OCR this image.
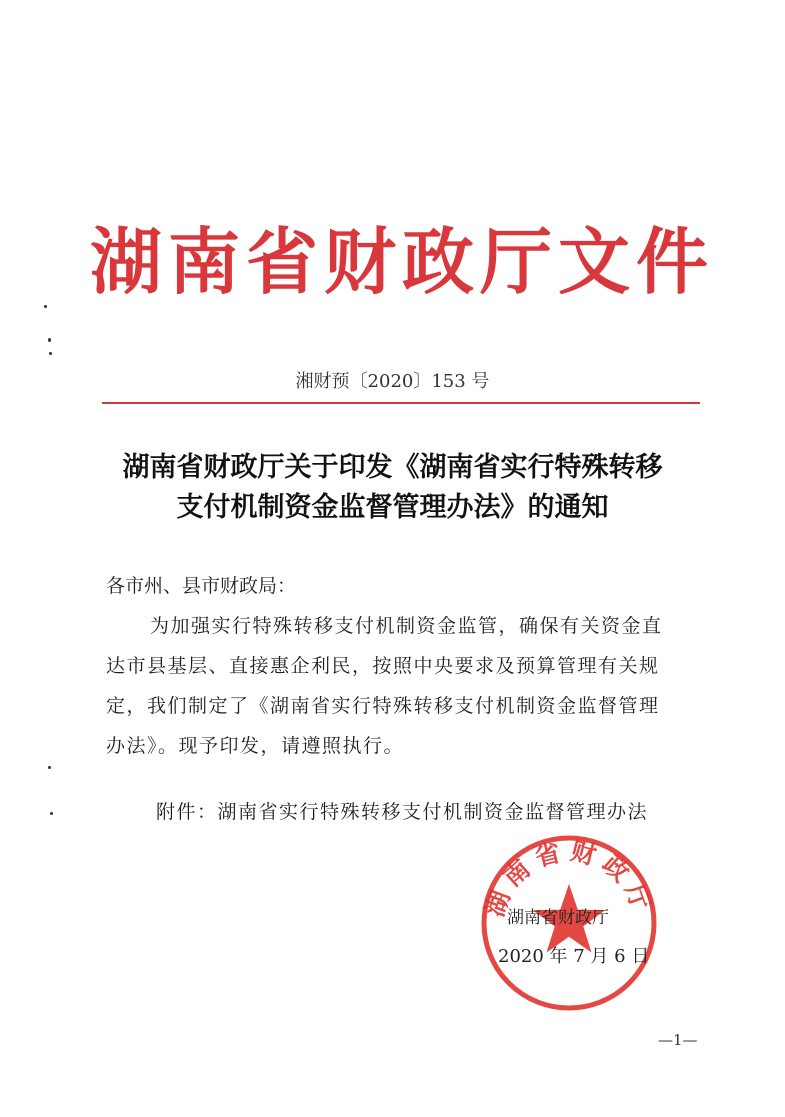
湖南省财政厅文件
湘财预〔2020〕153 号
湖南省财政厅关于印发《湖南省实行特殊转移
支付机制资金监督管理办法》的通知
各市州、县市财政局：
为加强实行特殊转移支付机制资金监管，确保有关资金直
达市县基层、直接惠企利民，按照中央要求及预算管理有关规
定，我们制定了《湖南省实行特殊转移支付机制资金监督管理
办法》。现予印发，请遵照执行。
附件：湖南省实行特殊转移支付机制资金监督管理办法
湖南省财政厅
湖南省财政厅
2020 年 7 月 6 日
—1—
